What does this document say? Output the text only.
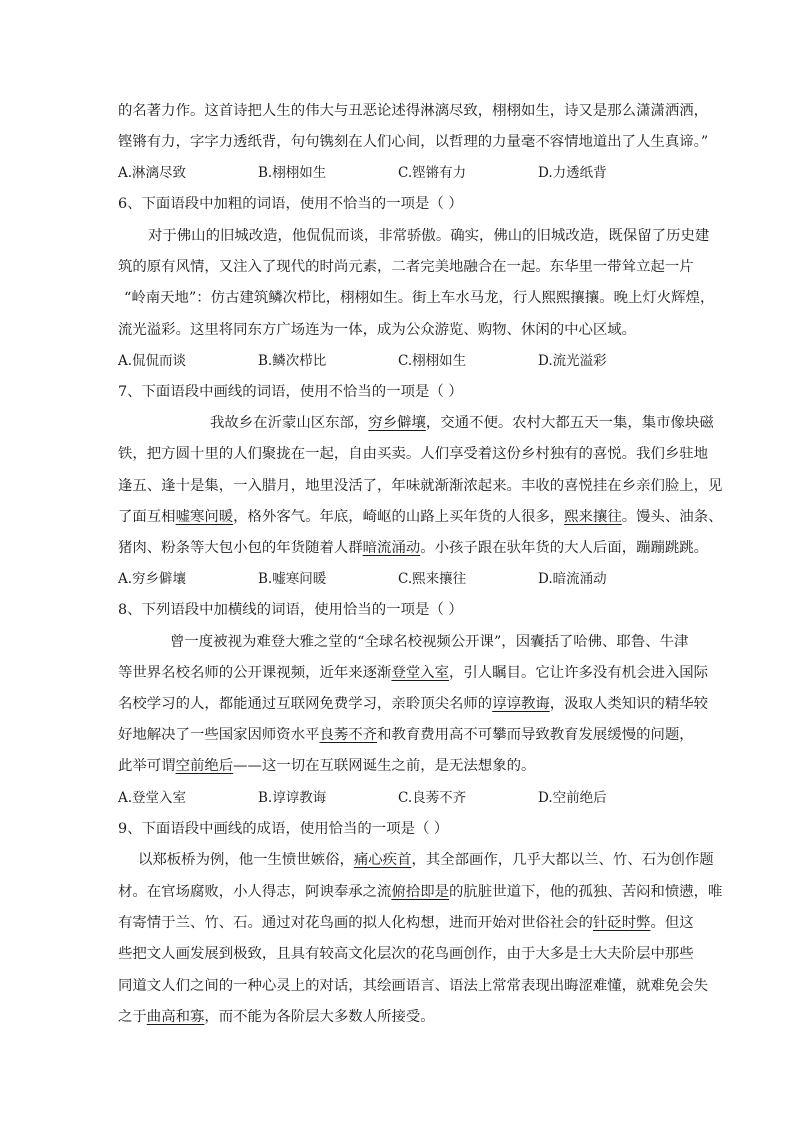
的名著力作。这首诗把人生的伟大与丑恶论述得淋漓尽致，栩栩如生，诗又是那么潇潇洒洒，
铿锵有力，字字力透纸背，句句镌刻在人们心间，以哲理的力量毫不容情地道出了人生真谛。”
A.淋漓尽致	B.栩栩如生	C.铿锵有力	D.力透纸背
6、下面语段中加粗的词语，使用不恰当的一项是（ ）
对于佛山的旧城改造，他侃侃而谈，非常骄傲。确实，佛山的旧城改造，既保留了历史建
筑的原有风情，又注入了现代的时尚元素，二者完美地融合在一起。东华里一带耸立起一片
“岭南天地”：仿古建筑鳞次栉比，栩栩如生。街上车水马龙，行人熙熙攘攘。晚上灯火辉煌，
流光溢彩。这里将同东方广场连为一体，成为公众游览、购物、休闲的中心区域。
A.侃侃而谈	B.鳞次栉比	C.栩栩如生	D.流光溢彩
7、下面语段中画线的词语，使用不恰当的一项是（ ）
我故乡在沂蒙山区东部，穷乡僻壤，交通不便。农村大都五天一集，集市像块磁
铁，把方圆十里的人们聚拢在一起，自由买卖。人们享受着这份乡村独有的喜悦。我们乡驻地
逢五、逢十是集，一入腊月，地里没活了，年味就渐渐浓起来。丰收的喜悦挂在乡亲们脸上，见
了面互相嘘寒问暖，格外客气。年底，崎岖的山路上买年货的人很多，熙来攘往。馒头、油条、
猪肉、粉条等大包小包的年货随着人群暗流涌动。小孩子跟在驮年货的大人后面，蹦蹦跳跳。
A.穷乡僻壤	B.嘘寒问暖	C.熙来攘往	D.暗流涌动
8、下列语段中加横线的词语，使用恰当的一项是（ ）
曾一度被视为难登大雅之堂的“全球名校视频公开课”，因囊括了哈佛、耶鲁、牛津
等世界名校名师的公开课视频，近年来逐渐登堂入室，引人瞩目。它让许多没有机会进入国际
名校学习的人，都能通过互联网免费学习，亲聆顶尖名师的谆谆教诲，汲取人类知识的精华较
好地解决了一些国家因师资水平良莠不齐和教育费用高不可攀而导致教育发展缓慢的问题，
此举可谓空前绝后——这一切在互联网诞生之前，是无法想象的。
A.登堂入室	B.谆谆教诲	C.良莠不齐	D.空前绝后
9、下面语段中画线的成语，使用恰当的一项是（ ）
以郑板桥为例，他一生愤世嫉俗，痛心疾首，其全部画作，几乎大都以兰、竹、石为创作题
材。在官场腐败，小人得志，阿谀奉承之流俯拾即是的肮脏世道下，他的孤独、苦闷和愤懑，唯
有寄情于兰、竹、石。通过对花鸟画的拟人化构想，进而开始对世俗社会的针砭时弊。但这
些把文人画发展到极致，且具有较高文化层次的花鸟画创作，由于大多是士大夫阶层中那些
同道文人们之间的一种心灵上的对话，其绘画语言、语法上常常表现出晦涩难懂，就难免会失
之于曲高和寡，而不能为各阶层大多数人所接受。
